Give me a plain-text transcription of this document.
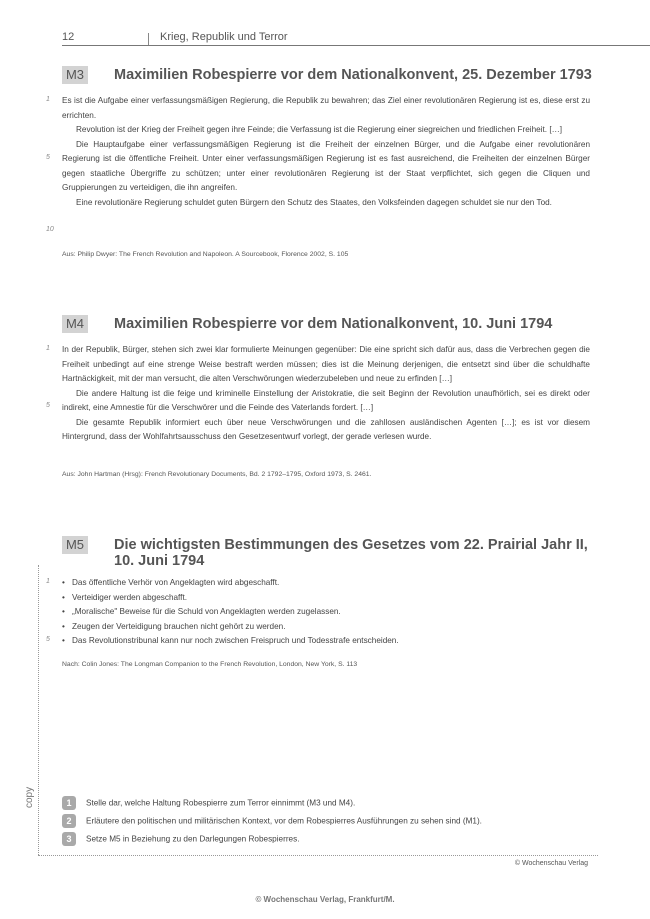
12	Krieg, Republik und Terror
M3 Maximilien Robespierre vor dem Nationalkonvent, 25. Dezember 1793
1
5
10

Es ist die Aufgabe einer verfassungsmäßigen Regierung, die Republik zu bewahren; das Ziel einer revolutionären Regierung ist es, diese erst zu errichten.

Revolution ist der Krieg der Freiheit gegen ihre Feinde; die Verfassung ist die Regierung einer siegreichen und friedlichen Freiheit. […]

Die Hauptaufgabe einer verfassungsmäßigen Regierung ist die Freiheit der einzelnen Bürger, und die Aufgabe einer revolutionären Regierung ist die öffentliche Freiheit. Unter einer verfassungsmäßigen Regierung ist es fast ausreichend, die Freiheiten der einzelnen Bürger gegen staatliche Übergriffe zu schützen; unter einer revolutionären Regierung ist der Staat verpflichtet, sich gegen die Cliquen und Gruppierungen zu verteidigen, die ihn angreifen.

Eine revolutionäre Regierung schuldet guten Bürgern den Schutz des Staates, den Volksfeinden dagegen schuldet sie nur den Tod.

Aus: Philip Dwyer: The French Revolution and Napoleon. A Sourcebook, Florence 2002, S. 105
M4 Maximilien Robespierre vor dem Nationalkonvent, 10. Juni 1794
1
5

In der Republik, Bürger, stehen sich zwei klar formulierte Meinungen gegenüber: Die eine spricht sich dafür aus, dass die Verbrechen gegen die Freiheit unbedingt auf eine strenge Weise bestraft werden müssen; dies ist die Meinung derjenigen, die entsetzt sind über die schuldhafte Hartnäckigkeit, mit der man versucht, die alten Verschwörungen wiederzubeleben und neue zu erfinden […]

Die andere Haltung ist die feige und kriminelle Einstellung der Aristokratie, die seit Beginn der Revolution unaufhörlich, sei es direkt oder indirekt, eine Amnestie für die Verschwörer und die Feinde des Vaterlands fordert. […]

Die gesamte Republik informiert euch über neue Verschwörungen und die zahllosen ausländischen Agenten […]; es ist vor diesem Hintergrund, dass der Wohlfahrtsausschuss den Gesetzesentwurf vorlegt, der gerade verlesen wurde.

Aus: John Hartman (Hrsg): French Revolutionary Documents, Bd. 2 1792–1795, Oxford 1973, S. 2461.
M5 Die wichtigsten Bestimmungen des Gesetzes vom 22. Prairial Jahr II, 10. Juni 1794
1
5
• Das öffentliche Verhör von Angeklagten wird abgeschafft.
• Verteidiger werden abgeschafft.
• „Moralische" Beweise für die Schuld von Angeklagten werden zugelassen.
• Zeugen der Verteidigung brauchen nicht gehört zu werden.
• Das Revolutionstribunal kann nur noch zwischen Freispruch und Todesstrafe entscheiden.
Nach: Colin Jones: The Longman Companion to the French Revolution, London, New York, S. 113
copy	1 Stelle dar, welche Haltung Robespierre zum Terror einnimmt (M3 und M4).
2 Erläutere den politischen und militärischen Kontext, vor dem Robespierres Ausführungen zu sehen sind (M1).
3 Setze M5 in Beziehung zu den Darlegungen Robespierres.
© Wochenschau Verlag
© Wochenschau Verlag, Frankfurt/M.
